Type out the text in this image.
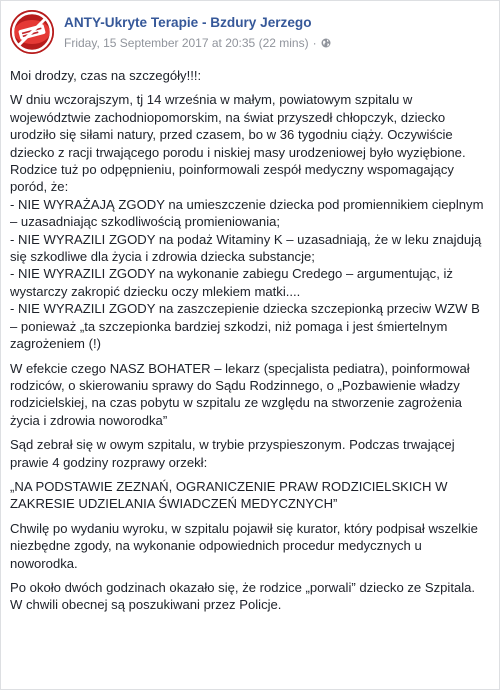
ANTY-Ukryte Terapie - Bzdury Jerzego
Friday, 15 September 2017 at 20:35 (22 mins) ·

Moi drodzy, czas na szczegóły!!!:

W dniu wczorajszym, tj 14 września w małym, powiatowym szpitalu w województwie zachodniopomorskim, na świat przyszedł chłopczyk, dziecko urodziło się siłami natury, przed czasem, bo w 36 tygodniu ciąży. Oczywiście dziecko z racji trwającego porodu i niskiej masy urodzeniowej było wyziębione. Rodzice tuż po odpępnieniu, poinformowali zespół medyczny wspomagający poród, że:
- NIE WYRAŻAJĄ ZGODY na umieszczenie dziecka pod promiennikiem cieplnym – uzasadniając szkodliwością promieniowania;
- NIE WYRAZILI ZGODY na podaż Witaminy K – uzasadniają, że w leku znajdują się szkodliwe dla życia i zdrowia dziecka substancje;
- NIE WYRAZILI ZGODY na wykonanie zabiegu Credego – argumentując, iż wystarczy zakropić dziecku oczy mlekiem matki....
- NIE WYRAZILI ZGODY na zaszczepienie dziecka szczepionką przeciw WZW B – ponieważ „ta szczepionka bardziej szkodzi, niż pomaga i jest śmiertelnym zagrożeniem (!)

W efekcie czego NASZ BOHATER – lekarz (specjalista pediatra), poinformował rodziców, o skierowaniu sprawy do Sądu Rodzinnego, o „Pozbawienie władzy rodzicielskiej, na czas pobytu w szpitalu ze względu na stworzenie zagrożenia życia i zdrowia noworodka”

Sąd zebrał się w owym szpitalu, w trybie przyspieszonym. Podczas trwającej prawie 4 godziny rozprawy orzekł:

„NA PODSTAWIE ZEZNAŃ, OGRANICZENIE PRAW RODZICIELSKICH W ZAKRESIE UDZIELANIA ŚWIADCZEŃ MEDYCZNYCH”

Chwilę po wydaniu wyroku, w szpitalu pojawił się kurator, który podpisał wszelkie niezbędne zgody, na wykonanie odpowiednich procedur medycznych u noworodka.

Po około dwóch godzinach okazało się, że rodzice „porwali” dziecko ze Szpitala.

W chwili obecnej są poszukiwani przez Policje.
